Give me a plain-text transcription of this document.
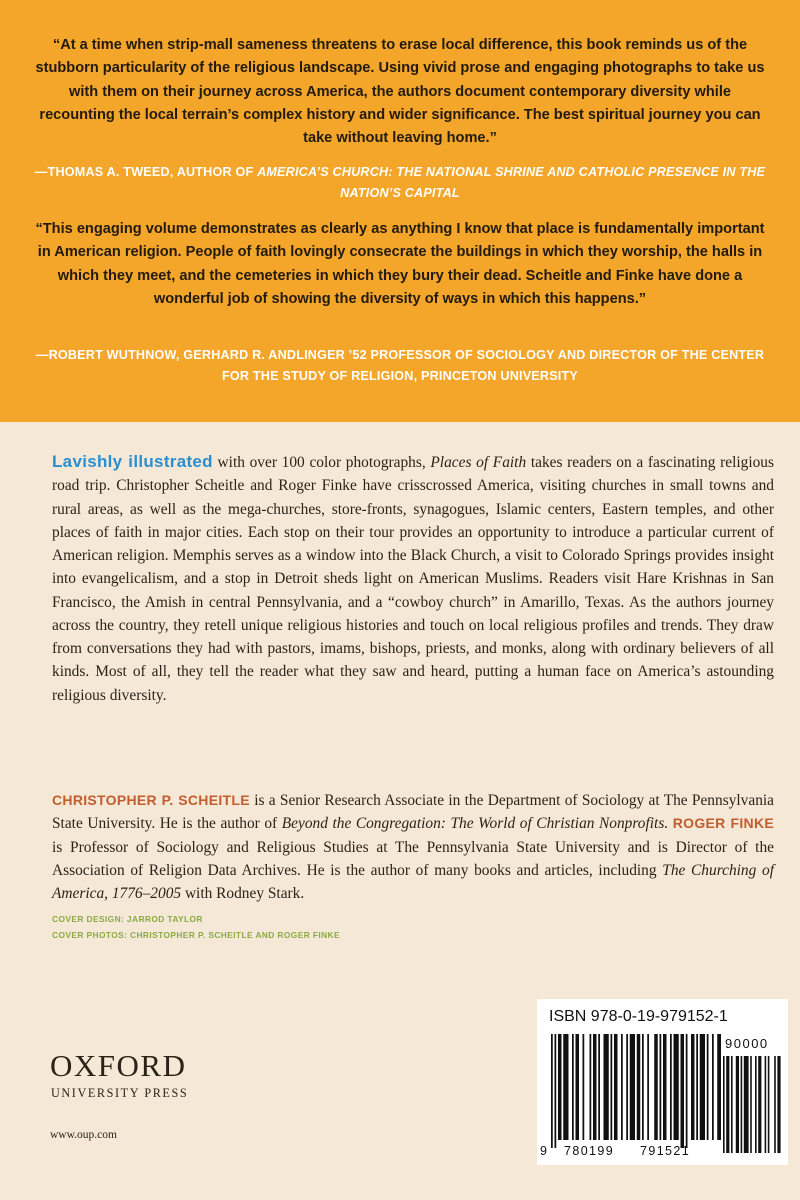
“At a time when strip-mall sameness threatens to erase local difference, this book reminds us of the stubborn particularity of the religious landscape. Using vivid prose and engaging photographs to take us with them on their journey across America, the authors document contemporary diversity while recounting the local terrain’s complex history and wider significance. The best spiritual journey you can take without leaving home.”

—THOMAS A. TWEED, AUTHOR OF AMERICA’S CHURCH: THE NATIONAL SHRINE AND CATHOLIC PRESENCE IN THE NATION’S CAPITAL

“This engaging volume demonstrates as clearly as anything I know that place is fundamentally important in American religion. People of faith lovingly consecrate the buildings in which they worship, the halls in which they meet, and the cemeteries in which they bury their dead. Scheitle and Finke have done a wonderful job of showing the diversity of ways in which this happens.”

—ROBERT WUTHNOW, GERHARD R. ANDLINGER ’52 PROFESSOR OF SOCIOLOGY AND DIRECTOR OF THE CENTER FOR THE STUDY OF RELIGION, PRINCETON UNIVERSITY

Lavishly illustrated with over 100 color photographs, Places of Faith takes readers on a fascinating religious road trip. Christopher Scheitle and Roger Finke have crisscrossed America, visiting churches in small towns and rural areas, as well as the mega-churches, store-fronts, synagogues, Islamic centers, Eastern temples, and other places of faith in major cities. Each stop on their tour provides an opportunity to introduce a particular current of American religion. Memphis serves as a window into the Black Church, a visit to Colorado Springs provides insight into evangelicalism, and a stop in Detroit sheds light on American Muslims. Readers visit Hare Krishnas in San Francisco, the Amish in central Pennsylvania, and a “cowboy church” in Amarillo, Texas. As the authors journey across the country, they retell unique religious histories and touch on local religious profiles and trends. They draw from conversations they had with pastors, imams, bishops, priests, and monks, along with ordinary believers of all kinds. Most of all, they tell the reader what they saw and heard, putting a human face on America’s astounding religious diversity.

CHRISTOPHER P. SCHEITLE is a Senior Research Associate in the Department of Sociology at The Pennsylvania State University. He is the author of Beyond the Congregation: The World of Christian Nonprofits. ROGER FINKE is Professor of Sociology and Religious Studies at The Pennsylvania State University and is Director of the Association of Religion Data Archives. He is the author of many books and articles, including The Churching of America, 1776–2005 with Rodney Stark.

COVER DESIGN: JARROD TAYLOR

COVER PHOTOS: CHRISTOPHER P. SCHEITLE AND ROGER FINKE

OXFORD

UNIVERSITY PRESS

www.oup.com

ISBN 978-0-19-979152-1

90000

9 780199 791521
